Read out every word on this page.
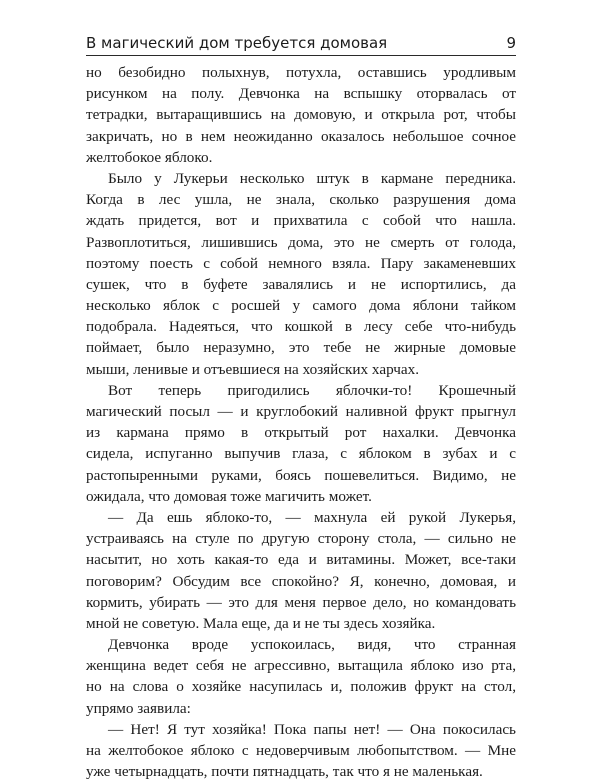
В магический дом требуется домовая	9
но безобидно полыхнув, потухла, оставшись уродливым
рисунком на полу. Девчонка на вспышку оторвалась от
тетрадки, вытаращившись на домовую, и открыла рот, чтобы
закричать, но в нем неожиданно оказалось небольшое сочное
желтобокое яблоко.
Было у Лукерьи несколько штук в кармане передника.
Когда в лес ушла, не знала, сколько разрушения дома
ждать придется, вот и прихватила с собой что нашла.
Развоплотиться, лишившись дома, это не смерть от голода,
поэтому поесть с собой немного взяла. Пару закаменевших
сушек, что в буфете завалялись и не испортились, да
несколько яблок с росшей у самого дома яблони тайком
подобрала. Надеяться, что кошкой в лесу себе что-нибудь
поймает, было неразумно, это тебе не жирные домовые
мыши, ленивые и отъевшиеся на хозяйских харчах.
Вот теперь пригодились яблочки-то! Крошечный
магический посыл — и круглобокий наливной фрукт прыгнул
из кармана прямо в открытый рот нахалки. Девчонка
сидела, испуганно выпучив глаза, с яблоком в зубах и с
растопыренными руками, боясь пошевелиться. Видимо, не
ожидала, что домовая тоже магичить может.
— Да ешь яблоко-то, — махнула ей рукой Лукерья,
устраиваясь на стуле по другую сторону стола, — сильно не
насытит, но хоть какая-то еда и витамины. Может, все-таки
поговорим? Обсудим все спокойно? Я, конечно, домовая, и
кормить, убирать — это для меня первое дело, но командовать
мной не советую. Мала еще, да и не ты здесь хозяйка.
Девчонка вроде успокоилась, видя, что странная
женщина ведет себя не агрессивно, вытащила яблоко изо рта,
но на слова о хозяйке насупилась и, положив фрукт на стол,
упрямо заявила:
— Нет! Я тут хозяйка! Пока папы нет! — Она покосилась
на желтобокое яблоко с недоверчивым любопытством. — Мне
уже четырнадцать, почти пятнадцать, так что я не маленькая.
